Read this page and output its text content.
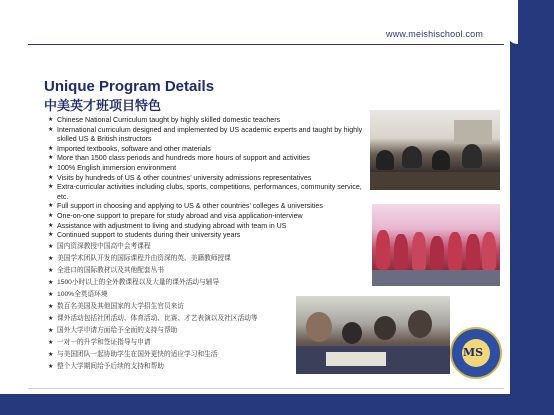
www.meishischool.com
Unique Program Details
中美英才班项目特色
★ Chinese National Curriculum taught by highly skilled domestic teachers
★ International curriculum designed and implemented by US academic experts and taught by highly skilled US & British instructors
★ Imported textbooks, software and other materials
★ More than 1500 class periods and hundreds more hours of support and activities
★ 100% English immersion environment
★ Visits by hundreds of US & other countries’ university admissions representatives
★ Extra-curricular activities including clubs, sports, competitions, performances, community service, etc.
★ Full support in choosing and applying to US & other countries’ colleges & universities
★ One-on-one support to prepare for study abroad and visa application-interview
★ Assistance with adjustment to living and studying abroad with team in US
★ Continued support to students during their university years
★ 国内资深教授中国高中会考课程
★ 美国学术团队开发的国际课程并由资深的英、美籍教师授课
★ 全进口的国际教材以及其他配套丛书
★ 1500小时以上的全外教课程以及大量的课外活动与辅导
★ 100%全英语环境
★ 数百名美国及其他国家的大学招生官员来访
★ 课外活动包括社团活动、体育活动、比赛、才艺表演以及社区活动等
★ 国外大学申请方面给予全面的支持与帮助
★ 一对一的升学和签证指导与申请
★ 与美国团队一起协助学生在国外更快的适应学习和生活
★ 整个大学期间给予后续的支持和帮助
MS
